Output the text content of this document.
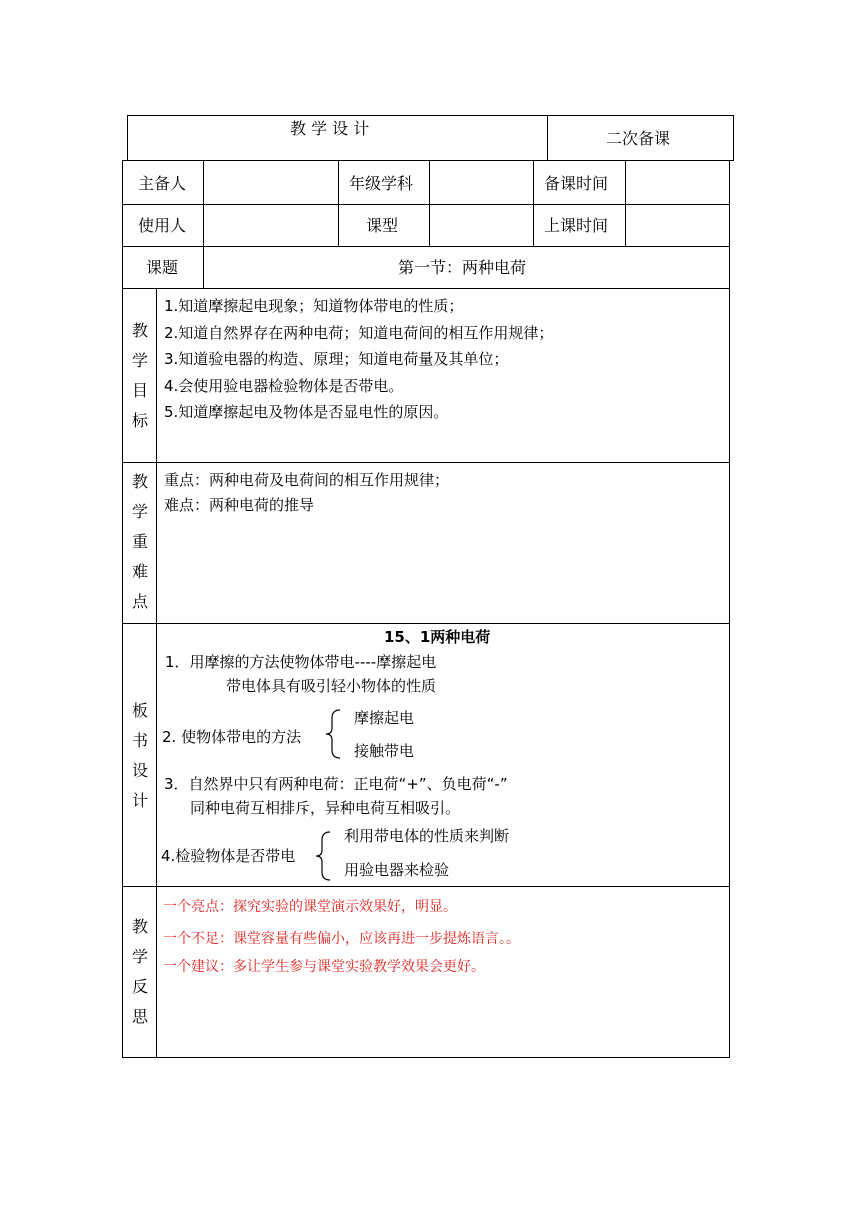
教 学 设 计
二次备课
主备人	年级学科	备课时间
使用人	课型	上课时间
课题	第一节：两种电荷
教
学
目
标
1.知道摩擦起电现象；知道物体带电的性质；
2.知道自然界存在两种电荷；知道电荷间的相互作用规律；
3.知道验电器的构造、原理；知道电荷量及其单位；
4.会使用验电器检验物体是否带电。
5.知道摩擦起电及物体是否显电性的原因。
教
学
重
难
点
重点：两种电荷及电荷间的相互作用规律；
难点：两种电荷的推导
板
书
设
计
15、1两种电荷
1．用摩擦的方法使物体带电----摩擦起电
带电体具有吸引轻小物体的性质
2. 使物体带电的方法
摩擦起电
接触带电
3．自然界中只有两种电荷：正电荷“+”、负电荷“-”
同种电荷互相排斥，异种电荷互相吸引。
4.检验物体是否带电
利用带电体的性质来判断
用验电器来检验
教
学
反
思
一个亮点：探究实验的课堂演示效果好，明显。
一个不足：课堂容量有些偏小，应该再进一步提炼语言。。
一个建议：多让学生参与课堂实验教学效果会更好。
